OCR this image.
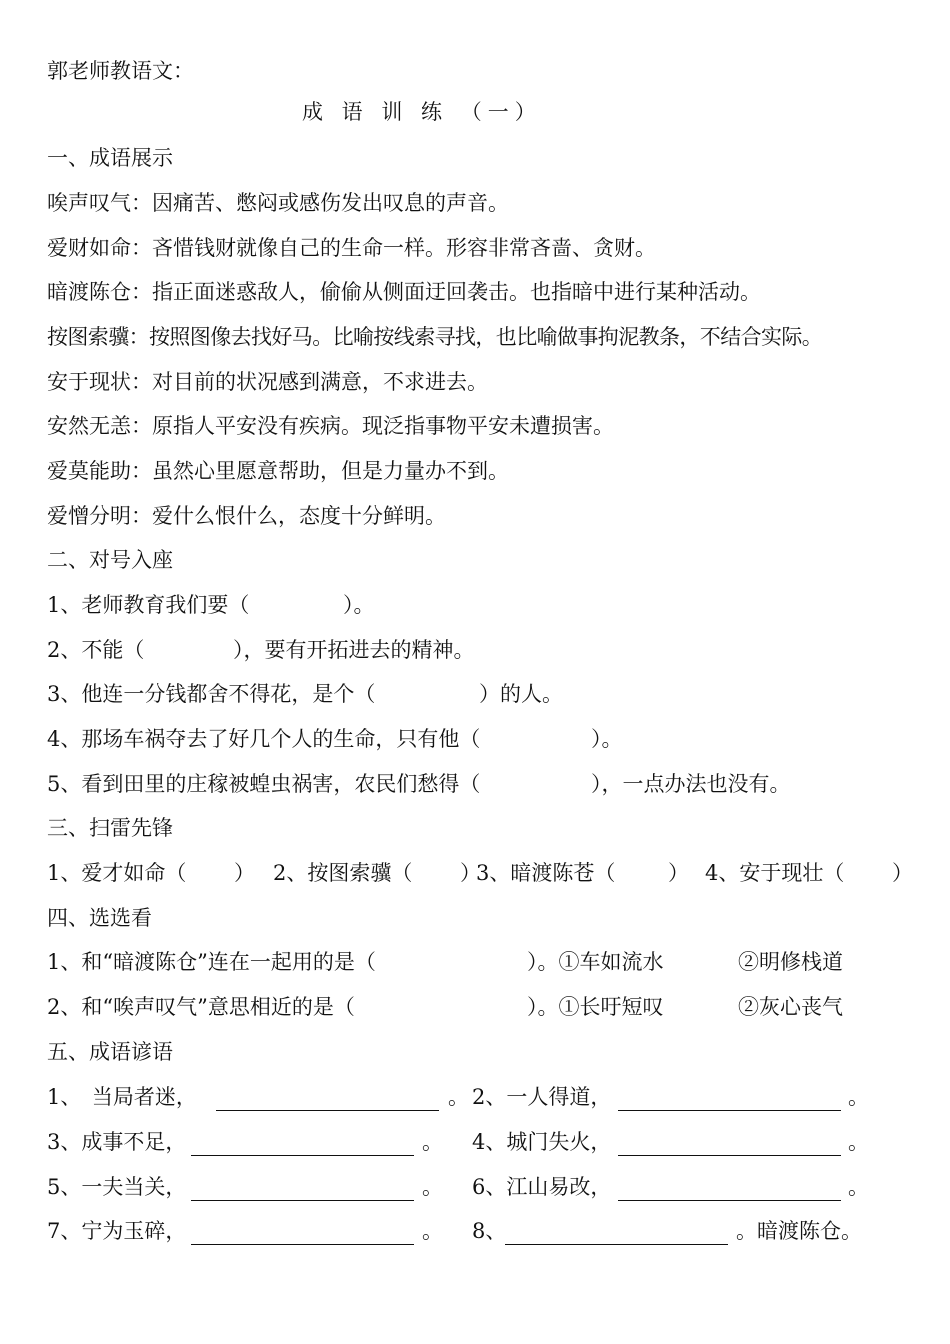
郭老师教语文：
成 语 训 练 （一）
一、成语展示
唉声叹气：因痛苦、憋闷或感伤发出叹息的声音。
爱财如命：吝惜钱财就像自己的生命一样。形容非常吝啬、贪财。
暗渡陈仓：指正面迷惑敌人，偷偷从侧面迂回袭击。也指暗中进行某种活动。
按图索骥：按照图像去找好马。比喻按线索寻找，也比喻做事拘泥教条，不结合实际。
安于现状：对目前的状况感到满意，不求进去。
安然无恙：原指人平安没有疾病。现泛指事物平安未遭损害。
爱莫能助：虽然心里愿意帮助，但是力量办不到。
爱憎分明：爱什么恨什么，态度十分鲜明。
二、对号入座
1、老师教育我们要（	）。
2、不能（	），要有开拓进去的精神。
3、他连一分钱都舍不得花，是个（	）的人。
4、那场车祸夺去了好几个人的生命，只有他（	）。
5、看到田里的庄稼被蝗虫祸害，农民们愁得（	），一点办法也没有。
三、扫雷先锋
1、爱才如命（ ） 2、按图索骥（ ）
3、暗渡陈苍（	） 4、安于现壮（ ）
四、选选看
1、和“暗渡陈仓”连在一起用的是（	）。①车如流水	②明修栈道
2、和“唉声叹气”意思相近的是（	）。①长吁短叹	②灰心丧气
五、成语谚语
1、　当局者迷，	。 2、一人得道，	。
3、成事不足，	。 4、城门失火，	。
5、一夫当关，	。 6、江山易改，	。
7、宁为玉碎，	。 8、	。暗渡陈仓。
